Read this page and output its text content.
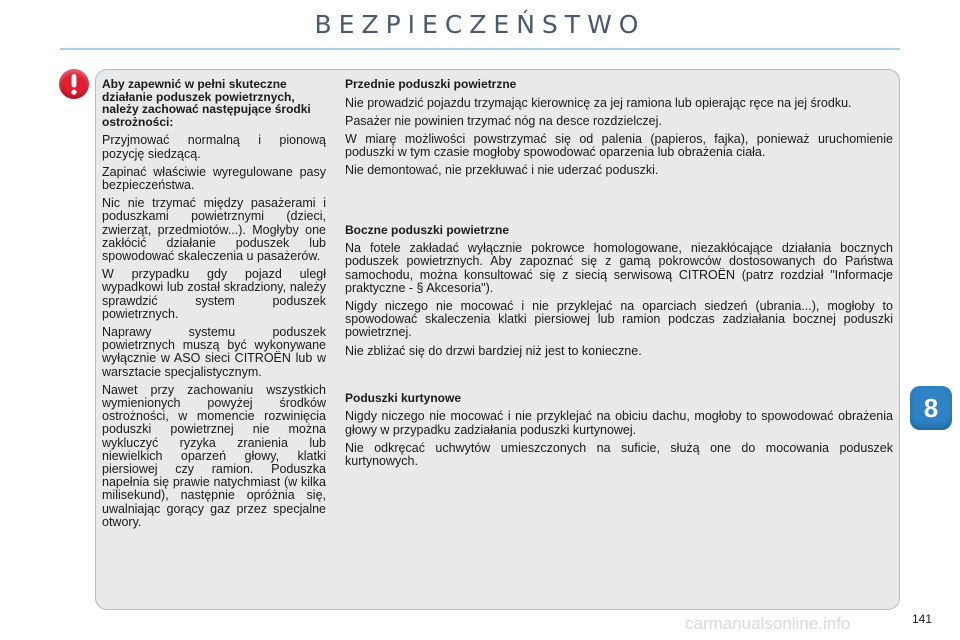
BEZPIECZEŃSTWO
Aby zapewnić w pełni skuteczne działanie poduszek powietrznych, należy zachować następujące środki ostrożności:

Przyjmować normalną i pionową pozycję siedzącą.

Zapinać właściwie wyregulowane pasy bezpieczeństwa.

Nic nie trzymać między pasażerami i poduszkami powietrznymi (dzieci, zwierząt, przedmiotów...). Mogłyby one zakłócić działanie poduszek lub spowodować skaleczenia u pasażerów.

W przypadku gdy pojazd uległ wypadkowi lub został skradziony, należy sprawdzić system poduszek powietrznych.

Naprawy systemu poduszek powietrznych muszą być wykonywane wyłącznie w ASO sieci CITROËN lub w warsztacie specjalistycznym.

Nawet przy zachowaniu wszystkich wymienionych powyżej środków ostrożności, w momencie rozwinięcia poduszki powietrznej nie można wykluczyć ryzyka zranienia lub niewielkich oparzeń głowy, klatki piersiowej czy ramion. Poduszka napełnia się prawie natychmiast (w kilka milisekund), następnie opróżnia się, uwalniając gorący gaz przez specjalne otwory.

Przednie poduszki powietrzne

Nie prowadzić pojazdu trzymając kierownicę za jej ramiona lub opierając ręce na jej środku.

Pasażer nie powinien trzymać nóg na desce rozdzielczej.

W miarę możliwości powstrzymać się od palenia (papieros, fajka), ponieważ uruchomienie poduszki w tym czasie mogłoby spowodować oparzenia lub obrażenia ciała.

Nie demontować, nie przekłuwać i nie uderzać poduszki.

Boczne poduszki powietrzne

Na fotele zakładać wyłącznie pokrowce homologowane, niezakłócające działania bocznych poduszek powietrznych. Aby zapoznać się z gamą pokrowców dostosowanych do Państwa samochodu, można konsultować się z siecią serwisową CITROËN (patrz rozdział "Informacje praktyczne - § Akcesoria").

Nigdy niczego nie mocować i nie przyklejać na oparciach siedzeń (ubrania...), mogłoby to spowodować skaleczenia klatki piersiowej lub ramion podczas zadziałania bocznej poduszki powietrznej.

Nie zbliżać się do drzwi bardziej niż jest to konieczne.

Poduszki kurtynowe

Nigdy niczego nie mocować i nie przyklejać na obiciu dachu, mogłoby to spowodować obrażenia głowy w przypadku zadziałania poduszki kurtynowej.

Nie odkręcać uchwytów umieszczonych na suficie, służą one do mocowania poduszek kurtynowych.

8
carmanualsonline.info	141
